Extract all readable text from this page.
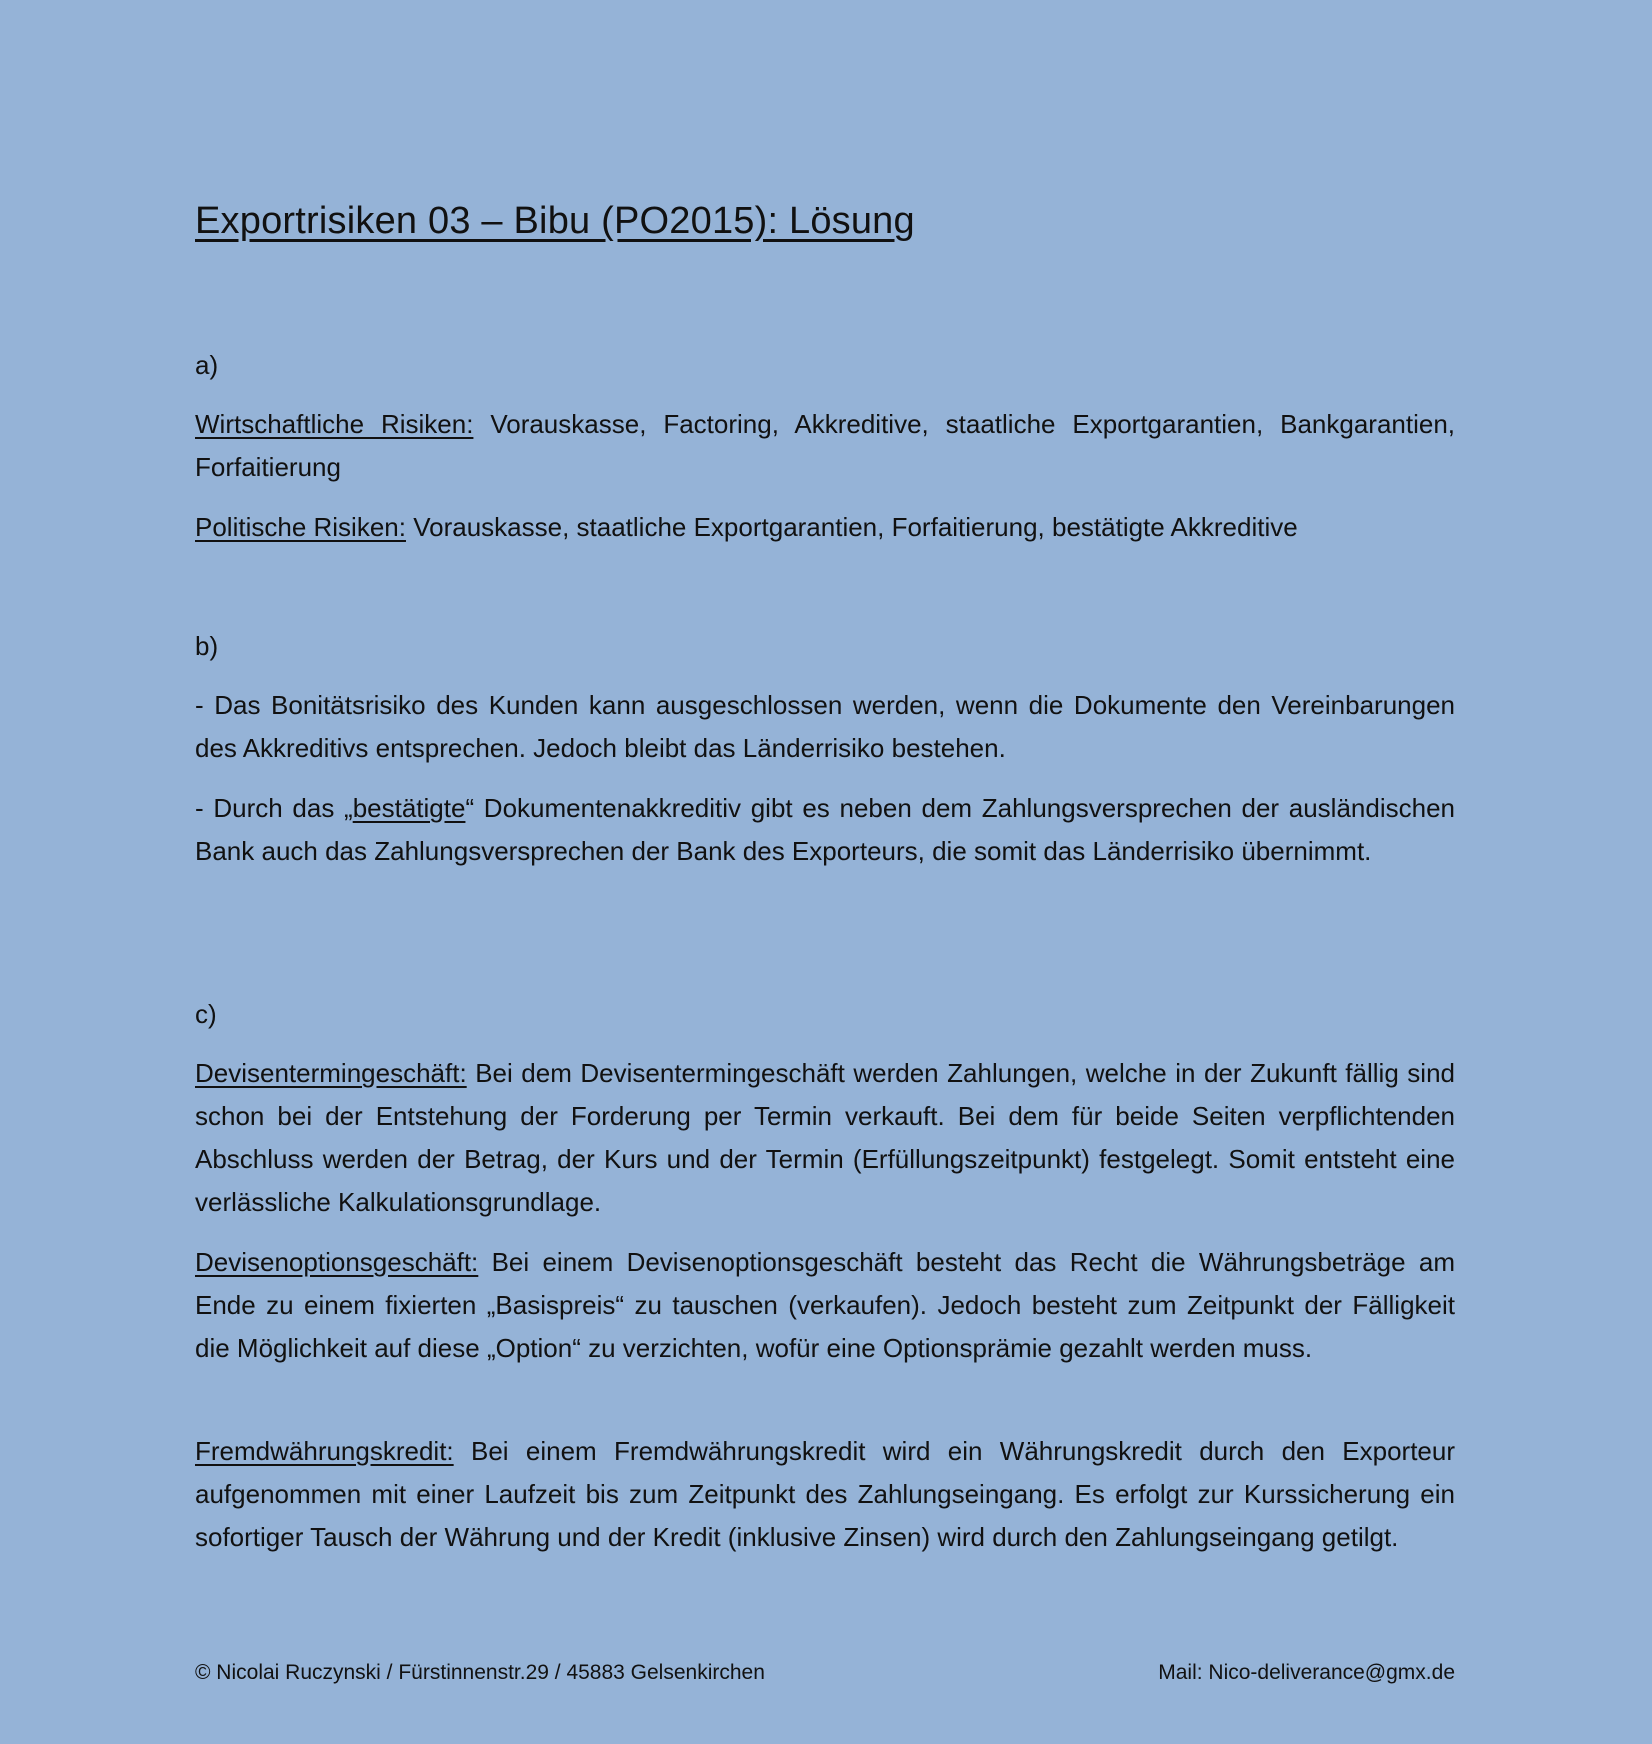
Exportrisiken 03 – Bibu (PO2015): Lösung
a)

Wirtschaftliche Risiken: Vorauskasse, Factoring, Akkreditive, staatliche Exportgarantien, Bankgarantien, Forfaitierung

Politische Risiken: Vorauskasse, staatliche Exportgarantien, Forfaitierung, bestätigte Akkreditive

b)

- Das Bonitätsrisiko des Kunden kann ausgeschlossen werden, wenn die Dokumente den Vereinbarungen des Akkreditivs entsprechen. Jedoch bleibt das Länderrisiko bestehen.

- Durch das „bestätigte“ Dokumentenakkreditiv gibt es neben dem Zahlungsversprechen der ausländischen Bank auch das Zahlungsversprechen der Bank des Exporteurs, die somit das Länderrisiko übernimmt.

c)

Devisentermingeschäft: Bei dem Devisentermingeschäft werden Zahlungen, welche in der Zukunft fällig sind schon bei der Entstehung der Forderung per Termin verkauft. Bei dem für beide Seiten verpflichtenden Abschluss werden der Betrag, der Kurs und der Termin (Erfüllungszeitpunkt) festgelegt. Somit entsteht eine verlässliche Kalkulationsgrundlage.

Devisenoptionsgeschäft: Bei einem Devisenoptionsgeschäft besteht das Recht die Währungsbeträge am Ende zu einem fixierten „Basispreis“ zu tauschen (verkaufen). Jedoch besteht zum Zeitpunkt der Fälligkeit die Möglichkeit auf diese „Option“ zu verzichten, wofür eine Optionsprämie gezahlt werden muss.

Fremdwährungskredit: Bei einem Fremdwährungskredit wird ein Währungskredit durch den Exporteur aufgenommen mit einer Laufzeit bis zum Zeitpunkt des Zahlungseingang. Es erfolgt zur Kurssicherung ein sofortiger Tausch der Währung und der Kredit (inklusive Zinsen) wird durch den Zahlungseingang getilgt.

© Nicolai Ruczynski / Fürstinnenstr.29 / 45883 Gelsenkirchen	Mail: Nico-deliverance@gmx.de
